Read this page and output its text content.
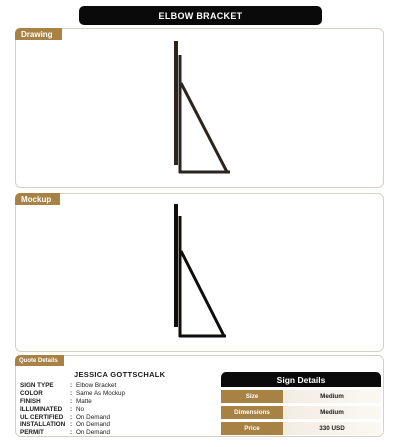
ELBOW BRACKET
Drawing
Mockup
Quote Details
JESSICA GOTTSCHALK
SIGN TYPE	: Elbow Bracket
COLOR	: Same As Mockup
FINISH	: Matte
ILLUMINATED	: No
UL CERTIFIED	: On Demand
INSTALLATION : On Demand
PERMIT	: On Demand
Sign Details
Size	Medium
Dimensions	Medium
Price	330 USD
